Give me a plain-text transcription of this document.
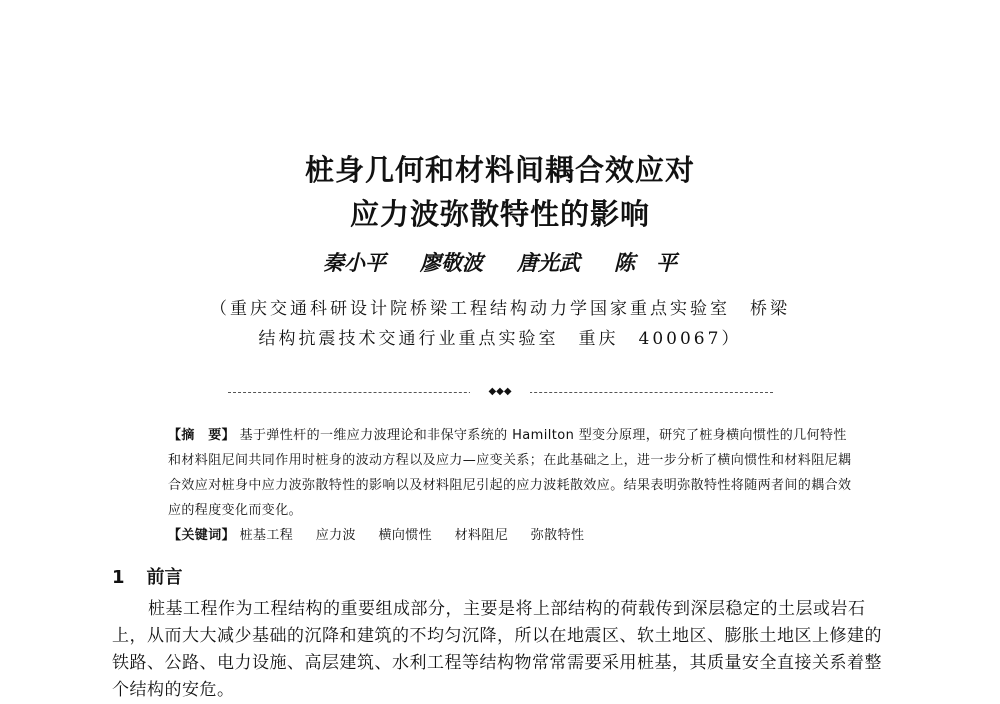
桩身几何和材料间耦合效应对
应力波弥散特性的影响
秦小平 廖敬波 唐光武 陈　平
（重庆交通科研设计院桥梁工程结构动力学国家重点实验室　桥梁
结构抗震技术交通行业重点实验室　重庆　400067）
◆◆◆
【摘　要】 基于弹性杆的一维应力波理论和非保守系统的 Hamilton 型变分原理，研究了桩身横向惯性的几何特性和材料阻尼间共同作用时桩身的波动方程以及应力—应变关系；在此基础之上，进一步分析了横向惯性和材料阻尼耦合效应对桩身中应力波弥散特性的影响以及材料阻尼引起的应力波耗散效应。结果表明弥散特性将随两者间的耦合效应的程度变化而变化。
【关键词】 桩基工程 应力波 横向惯性 材料阻尼 弥散特性
1 前言
桩基工程作为工程结构的重要组成部分，主要是将上部结构的荷载传到深层稳定的土层或岩石上，从而大大减少基础的沉降和建筑的不均匀沉降，所以在地震区、软土地区、膨胀土地区上修建的铁路、公路、电力设施、高层建筑、水利工程等结构物常常需要采用桩基，其质量安全直接关系着整个结构的安危。
